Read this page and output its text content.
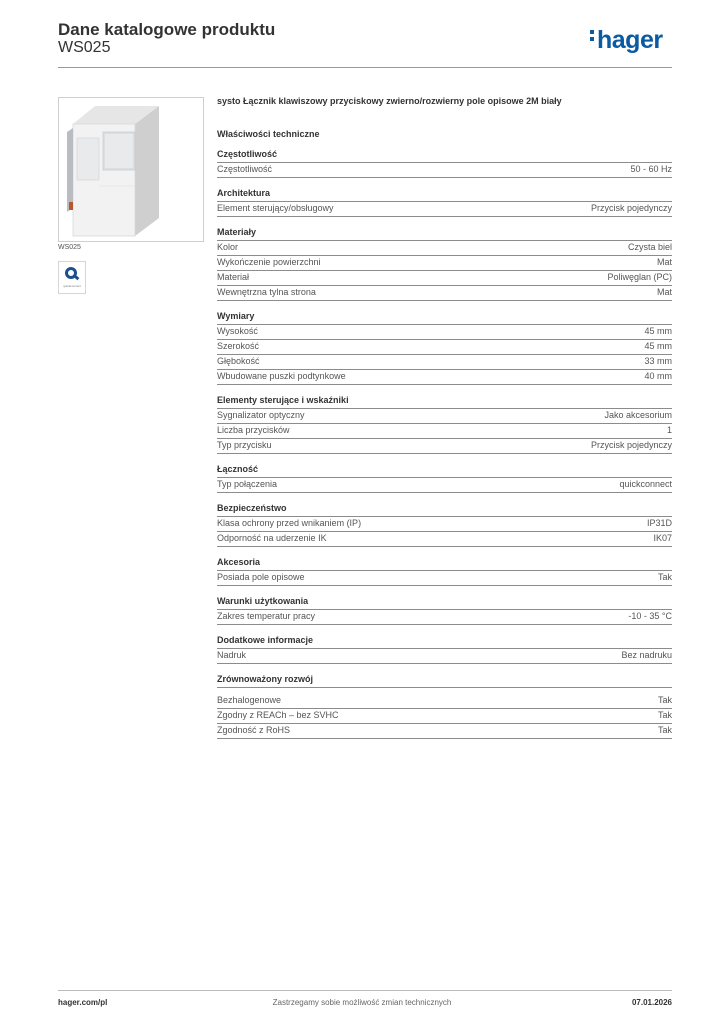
Dane katalogowe produktu
WS025	hager
WS025
quickconnect
systo Łącznik klawiszowy przyciskowy zwierno/rozwierny pole opisowe 2M biały
Właściwości techniczne
Częstotliwość
Częstotliwość	50 - 60 Hz
Architektura
Element sterujący/obsługowy	Przycisk pojedynczy
Materiały
Kolor	Czysta biel
Wykończenie powierzchni	Mat
Materiał	Poliwęglan (PC)
Wewnętrzna tylna strona	Mat
Wymiary
Wysokość	45 mm
Szerokość	45 mm
Głębokość	33 mm
Wbudowane puszki podtynkowe	40 mm
Elementy sterujące i wskaźniki
Sygnalizator optyczny	Jako akcesorium
Liczba przycisków	1
Typ przycisku	Przycisk pojedynczy
Łączność
Typ połączenia	quickconnect
Bezpieczeństwo
Klasa ochrony przed wnikaniem (IP)	IP31D
Odporność na uderzenie IK	IK07
Akcesoria
Posiada pole opisowe	Tak
Warunki użytkowania
Zakres temperatur pracy	-10 - 35 °C
Dodatkowe informacje
Nadruk	Bez nadruku
Zrównoważony rozwój
Bezhalogenowe	Tak
Zgodny z REACh – bez SVHC	Tak
Zgodność z RoHS	Tak
hager.com/pl	Zastrzegamy sobie możliwość zmian technicznych	07.01.2026
